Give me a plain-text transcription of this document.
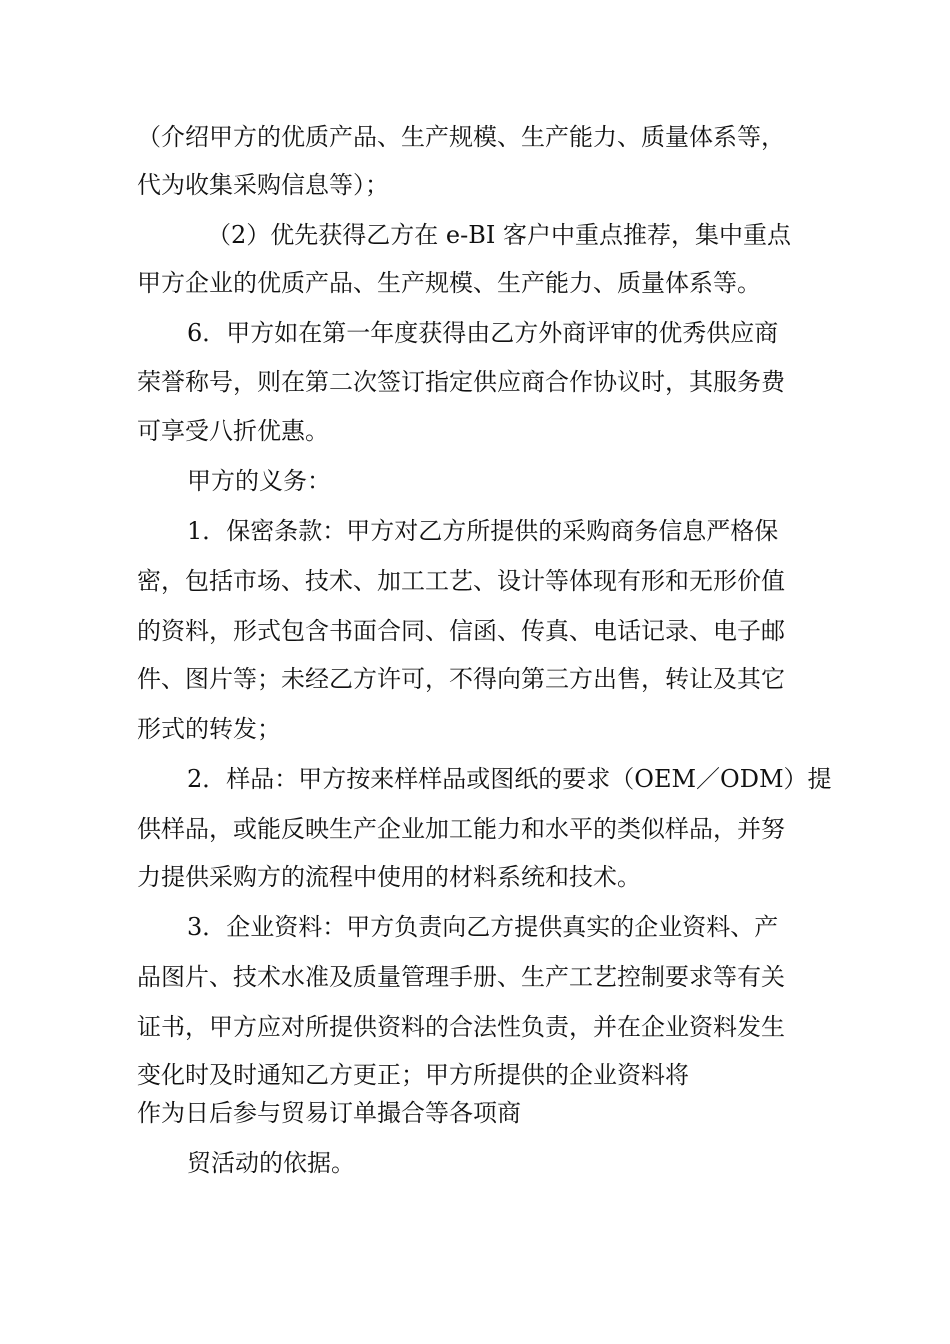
（介绍甲方的优质产品、生产规模、生产能力、质量体系等，
代为收集采购信息等）；
（2）优先获得乙方在 e-BI 客户中重点推荐，集中重点
甲方企业的优质产品、生产规模、生产能力、质量体系等。
6．甲方如在第一年度获得由乙方外商评审的优秀供应商
荣誉称号，则在第二次签订指定供应商合作协议时，其服务费
可享受八折优惠。
甲方的义务：
1．保密条款：甲方对乙方所提供的采购商务信息严格保
密，包括市场、技术、加工工艺、设计等体现有形和无形价值
的资料，形式包含书面合同、信函、传真、电话记录、电子邮
件、图片等；未经乙方许可，不得向第三方出售，转让及其它
形式的转发；
2．样品：甲方按来样样品或图纸的要求（OEM／ODM）提
供样品，或能反映生产企业加工能力和水平的类似样品，并努
力提供采购方的流程中使用的材料系统和技术。
3．企业资料：甲方负责向乙方提供真实的企业资料、产
品图片、技术水准及质量管理手册、生产工艺控制要求等有关
证书，甲方应对所提供资料的合法性负责，并在企业资料发生
变化时及时通知乙方更正；甲方所提供的企业资料将
作为日后参与贸易订单撮合等各项商
贸活动的依据。
